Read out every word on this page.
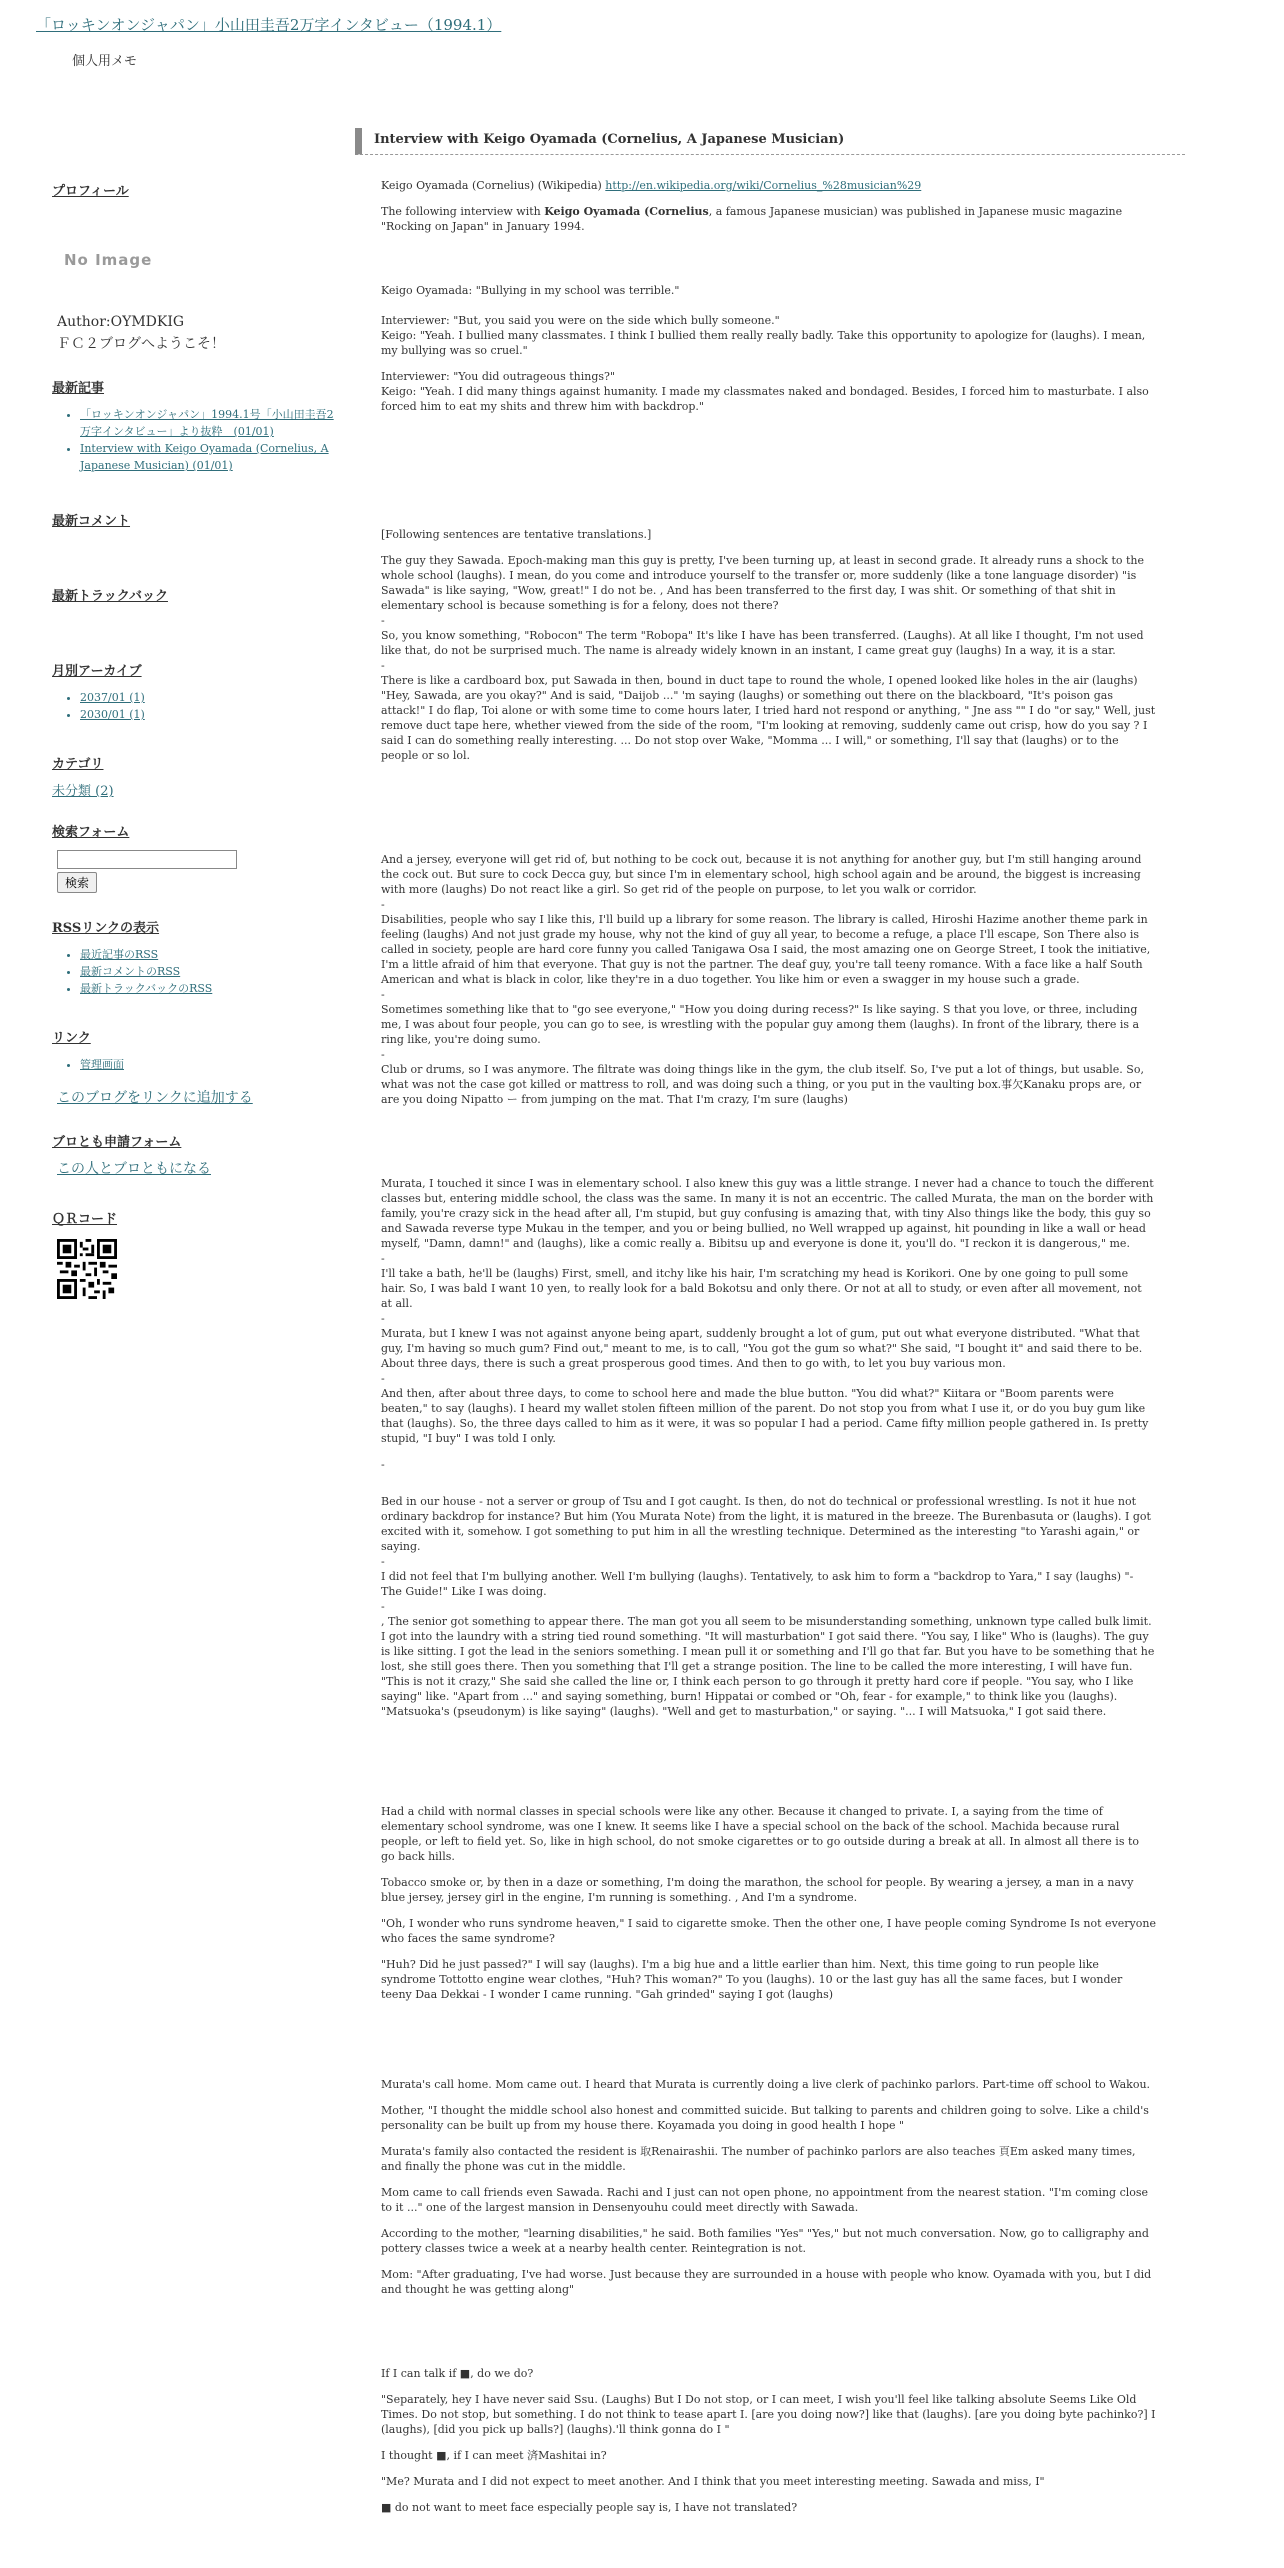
「ロッキンオンジャパン」小山田圭吾2万字インタビュー（1994.1）
個人用メモ
プロフィール
No Image
Author:OYMDKIG
ＦＣ２ブログへようこそ！
最新記事
• 「ロッキンオンジャパン」1994.1号「小山田圭吾2万字インタビュー」より抜粋　(01/01)
• Interview with Keigo Oyamada (Cornelius, A Japanese Musician) (01/01)
最新コメント
最新トラックバック
月別アーカイブ
• 2037/01 (1)
• 2030/01 (1)
カテゴリ
未分類 (2)
検索フォーム
検索
RSSリンクの表示
• 最近記事のRSS
• 最新コメントのRSS
• 最新トラックバックのRSS
リンク
• 管理画面
このブログをリンクに追加する
ブロとも申請フォーム
この人とブロともになる
ＱＲコード
Interview with Keigo Oyamada (Cornelius, A Japanese Musician)

Keigo Oyamada (Cornelius) (Wikipedia) http://en.wikipedia.org/wiki/Cornelius_%28musician%29

The following interview with Keigo Oyamada (Cornelius, a famous Japanese musician) was published in Japanese music magazine "Rocking on Japan" in January 1994.

Keigo Oyamada: "Bullying in my school was terrible."

Interviewer: "But, you said you were on the side which bully someone."

Keigo: "Yeah. I bullied many classmates. I think I bullied them really really badly. Take this opportunity to apologize for (laughs). I mean, my bullying was so cruel."

Interviewer: "You did outrageous things?"

Keigo: "Yeah. I did many things against humanity. I made my classmates naked and bondaged. Besides, I forced him to masturbate. I also forced him to eat my shits and threw him with backdrop."

[Following sentences are tentative translations.]

The guy they Sawada. Epoch-making man this guy is pretty, I've been turning up, at least in second grade. It already runs a shock to the whole school (laughs). I mean, do you come and introduce yourself to the transfer or, more suddenly (like a tone language disorder) "is Sawada" is like saying, "Wow, great!" I do not be. , And has been transferred to the first day, I was shit. Or something of that shit in elementary school is because something is for a felony, does not there?

-

So, you know something, "Robocon" The term "Robopa" It's like I have has been transferred. (Laughs). At all like I thought, I'm not used like that, do not be surprised much. The name is already widely known in an instant, I came great guy (laughs) In a way, it is a star.

-

There is like a cardboard box, put Sawada in then, bound in duct tape to round the whole, I opened looked like holes in the air (laughs) "Hey, Sawada, are you okay?" And is said, "Daijob ..." 'm saying (laughs) or something out there on the blackboard, "It's poison gas attack!" I do flap, Toi alone or with some time to come hours later, I tried hard not respond or anything, " Jne ass "" I do "or say," Well, just remove duct tape here, whether viewed from the side of the room, "I'm looking at removing, suddenly came out crisp, how do you say ? I said I can do something really interesting. ... Do not stop over Wake, "Momma ... I will," or something, I'll say that (laughs) or to the people or so lol.

And a jersey, everyone will get rid of, but nothing to be cock out, because it is not anything for another guy, but I'm still hanging around the cock out. But sure to cock Decca guy, but since I'm in elementary school, high school again and be around, the biggest is increasing with more (laughs) Do not react like a girl. So get rid of the people on purpose, to let you walk or corridor.

-

Disabilities, people who say I like this, I'll build up a library for some reason. The library is called, Hiroshi Hazime another theme park in feeling (laughs) And not just grade my house, why not the kind of guy all year, to become a refuge, a place I'll escape, Son There also is called in society, people are hard core funny you called Tanigawa Osa I said, the most amazing one on George Street, I took the initiative, I'm a little afraid of him that everyone. That guy is not the partner. The deaf guy, you're tall teeny romance. With a face like a half South American and what is black in color, like they're in a duo together. You like him or even a swagger in my house such a grade.

-

Sometimes something like that to "go see everyone," "How you doing during recess?" Is like saying. S that you love, or three, including me, I was about four people, you can go to see, is wrestling with the popular guy among them (laughs). In front of the library, there is a ring like, you're doing sumo.

-

Club or drums, so I was anymore. The filtrate was doing things like in the gym, the club itself. So, I've put a lot of things, but usable. So, what was not the case got killed or mattress to roll, and was doing such a thing, or you put in the vaulting box.事欠Kanaku props are, or are you doing Nipatto ー from jumping on the mat. That I'm crazy, I'm sure (laughs)

Murata, I touched it since I was in elementary school. I also knew this guy was a little strange. I never had a chance to touch the different classes but, entering middle school, the class was the same. In many it is not an eccentric. The called Murata, the man on the border with family, you're crazy sick in the head after all, I'm stupid, but guy confusing is amazing that, with tiny Also things like the body, this guy so and Sawada reverse type Mukau in the temper, and you or being bullied, no Well wrapped up against, hit pounding in like a wall or head myself, "Damn, damn!" and (laughs), like a comic really a. Bibitsu up and everyone is done it, you'll do. "I reckon it is dangerous," me.

-

I'll take a bath, he'll be (laughs) First, smell, and itchy like his hair, I'm scratching my head is Korikori. One by one going to pull some hair. So, I was bald I want 10 yen, to really look for a bald Bokotsu and only there. Or not at all to study, or even after all movement, not at all.

-

Murata, but I knew I was not against anyone being apart, suddenly brought a lot of gum, put out what everyone distributed. "What that guy, I'm having so much gum? Find out," meant to me, is to call, "You got the gum so what?" She said, "I bought it" and said there to be. About three days, there is such a great prosperous good times. And then to go with, to let you buy various mon.

-

And then, after about three days, to come to school here and made the blue button. "You did what?" Kiitara or "Boom parents were beaten," to say (laughs). I heard my wallet stolen fifteen million of the parent. Do not stop you from what I use it, or do you buy gum like that (laughs). So, the three days called to him as it were, it was so popular I had a period. Came fifty million people gathered in. Is pretty stupid, "I buy" I was told I only.

-

Bed in our house - not a server or group of Tsu and I got caught. Is then, do not do technical or professional wrestling. Is not it hue not ordinary backdrop for instance? But him (You Murata Note) from the light, it is matured in the breeze. The Burenbasuta or (laughs). I got excited with it, somehow. I got something to put him in all the wrestling technique. Determined as the interesting "to Yarashi again," or saying.

-

I did not feel that I'm bullying another. Well I'm bullying (laughs). Tentatively, to ask him to form a "backdrop to Yara," I say (laughs) "- The Guide!" Like I was doing.

-

, The senior got something to appear there. The man got you all seem to be misunderstanding something, unknown type called bulk limit. I got into the laundry with a string tied round something. "It will masturbation" I got said there. "You say, I like" Who is (laughs). The guy is like sitting. I got the lead in the seniors something. I mean pull it or something and I'll go that far. But you have to be something that he lost, she still goes there. Then you something that I'll get a strange position. The line to be called the more interesting, I will have fun. "This is not it crazy," She said she called the line or, I think each person to go through it pretty hard core if people. "You say, who I like saying" like. "Apart from ..." and saying something, burn! Hippatai or combed or "Oh, fear - for example," to think like you (laughs). "Matsuoka's (pseudonym) is like saying" (laughs). "Well and get to masturbation," or saying. "... I will Matsuoka," I got said there.

Had a child with normal classes in special schools were like any other. Because it changed to private. I, a saying from the time of elementary school syndrome, was one I knew. It seems like I have a special school on the back of the school. Machida because rural people, or left to field yet. So, like in high school, do not smoke cigarettes or to go outside during a break at all. In almost all there is to go back hills.

Tobacco smoke or, by then in a daze or something, I'm doing the marathon, the school for people. By wearing a jersey, a man in a navy blue jersey, jersey girl in the engine, I'm running is something. , And I'm a syndrome.

"Oh, I wonder who runs syndrome heaven," I said to cigarette smoke. Then the other one, I have people coming Syndrome Is not everyone who faces the same syndrome?

"Huh? Did he just passed?" I will say (laughs). I'm a big hue and a little earlier than him. Next, this time going to run people like syndrome Tottotto engine wear clothes, "Huh? This woman?" To you (laughs). 10 or the last guy has all the same faces, but I wonder teeny Daa Dekkai - I wonder I came running. "Gah grinded" saying I got (laughs)

Murata's call home. Mom came out. I heard that Murata is currently doing a live clerk of pachinko parlors. Part-time off school to Wakou.

Mother, "I thought the middle school also honest and committed suicide. But talking to parents and children going to solve. Like a child's personality can be built up from my house there. Koyamada you doing in good health I hope "

Murata's family also contacted the resident is 取Renairashii. The number of pachinko parlors are also teaches 頁Em asked many times, and finally the phone was cut in the middle.

Mom came to call friends even Sawada. Rachi and I just can not open phone, no appointment from the nearest station. "I'm coming close to it ..." one of the largest mansion in Densenyouhu could meet directly with Sawada.

According to the mother, "learning disabilities," he said. Both families "Yes" "Yes," but not much conversation. Now, go to calligraphy and pottery classes twice a week at a nearby health center. Reintegration is not.

Mom: "After graduating, I've had worse. Just because they are surrounded in a house with people who know. Oyamada with you, but I did and thought he was getting along"

If I can talk if ■, do we do?

"Separately, hey I have never said Ssu. (Laughs) But I Do not stop, or I can meet, I wish you'll feel like talking absolute Seems Like Old Times. Do not stop, but something. I do not think to tease apart I. [are you doing now?] like that (laughs). [are you doing byte pachinko?] I (laughs), [did you pick up balls?] (laughs).'ll think gonna do I "

I thought ■, if I can meet 済Mashitai in?

"Me? Murata and I did not expect to meet another. And I think that you meet interesting meeting. Sawada and miss, I"

■ do not want to meet face especially people say is, I have not translated?
